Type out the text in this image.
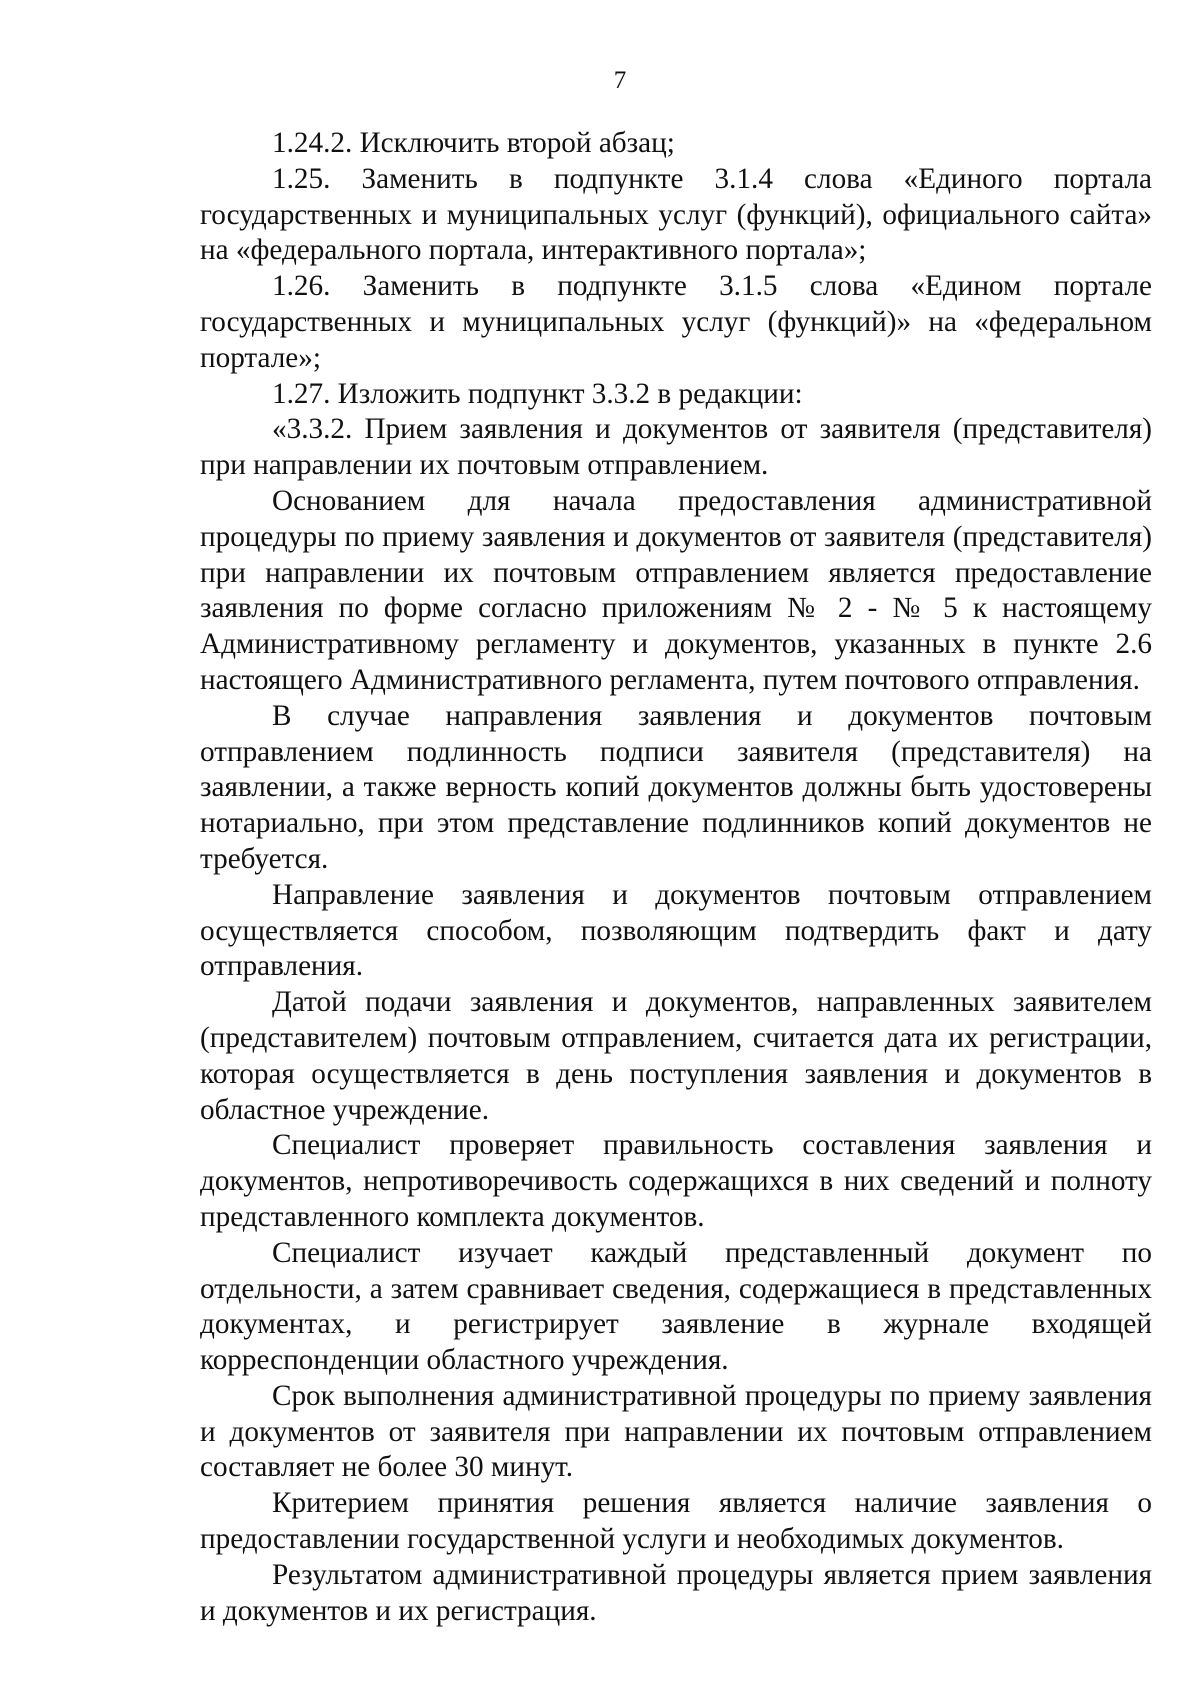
7

1.24.2. Исключить второй абзац;

1.25. Заменить в подпункте 3.1.4 слова «Единого портала государственных и муниципальных услуг (функций), официального сайта» на «федерального портала, интерактивного портала»;

1.26. Заменить в подпункте 3.1.5 слова «Едином портале государственных и муниципальных услуг (функций)» на «федеральном портале»;

1.27. Изложить подпункт 3.3.2 в редакции:

«3.3.2. Прием заявления и документов от заявителя (представителя) при направлении их почтовым отправлением.

Основанием для начала предоставления административной процедуры по приему заявления и документов от заявителя (представителя) при направлении их почтовым отправлением является предоставление заявления по форме согласно приложениям № 2 - № 5 к настоящему Административному регламенту и документов, указанных в пункте 2.6 настоящего Административного регламента, путем почтового отправления.

В случае направления заявления и документов почтовым отправлением подлинность подписи заявителя (представителя) на заявлении, а также верность копий документов должны быть удостоверены нотариально, при этом представление подлинников копий документов не требуется.

Направление заявления и документов почтовым отправлением осуществляется способом, позволяющим подтвердить факт и дату отправления.

Датой подачи заявления и документов, направленных заявителем (представителем) почтовым отправлением, считается дата их регистрации, которая осуществляется в день поступления заявления и документов в областное учреждение.

Специалист проверяет правильность составления заявления и документов, непротиворечивость содержащихся в них сведений и полноту представленного комплекта документов.

Специалист изучает каждый представленный документ по отдельности, а затем сравнивает сведения, содержащиеся в представленных документах, и регистрирует заявление в журнале входящей корреспонденции областного учреждения.

Срок выполнения административной процедуры по приему заявления и документов от заявителя при направлении их почтовым отправлением составляет не более 30 минут.

Критерием принятия решения является наличие заявления о предоставлении государственной услуги и необходимых документов.

Результатом административной процедуры является прием заявления и документов и их регистрация.
